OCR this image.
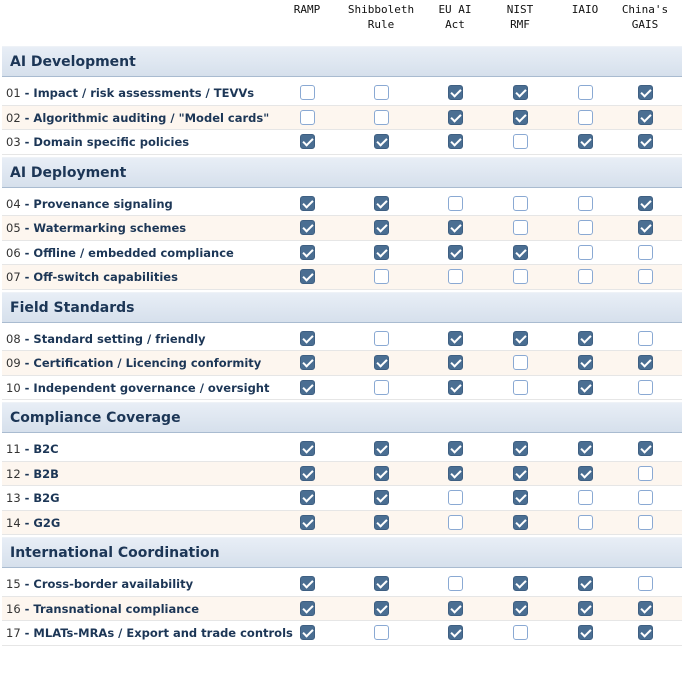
RAMP	Shibboleth
Rule
EU AI
Act
NIST
RMF
IAIO	China's
GAIS
AI Development
01 - Impact / risk assessments / TEVVs
02 - Algorithmic auditing / "Model cards"
03 - Domain specific policies
AI Deployment
04 - Provenance signaling
05 - Watermarking schemes
06 - Offline / embedded compliance
07 - Off-switch capabilities
Field Standards
08 - Standard setting / friendly
09 - Certification / Licencing conformity
10 - Independent governance / oversight
Compliance Coverage
11 - B2C
12 - B2B
13 - B2G
14 - G2G
International Coordination
15 - Cross-border availability
16 - Transnational compliance
17 - MLATs-MRAs / Export and trade controls
